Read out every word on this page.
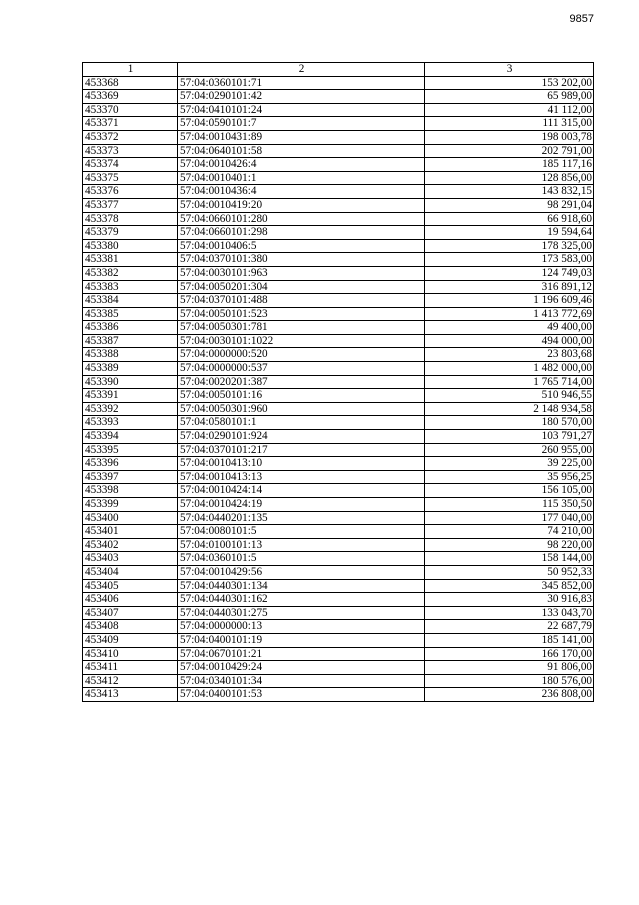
9857
1	2	3
453368	57:04:0360101:71	153 202,00
453369	57:04:0290101:42	65 989,00
453370	57:04:0410101:24	41 112,00
453371	57:04:0590101:7	111 315,00
453372	57:04:0010431:89	198 003,78
453373	57:04:0640101:58	202 791,00
453374	57:04:0010426:4	185 117,16
453375	57:04:0010401:1	128 856,00
453376	57:04:0010436:4	143 832,15
453377	57:04:0010419:20	98 291,04
453378	57:04:0660101:280	66 918,60
453379	57:04:0660101:298	19 594,64
453380	57:04:0010406:5	178 325,00
453381	57:04:0370101:380	173 583,00
453382	57:04:0030101:963	124 749,03
453383	57:04:0050201:304	316 891,12
453384	57:04:0370101:488	1 196 609,46
453385	57:04:0050101:523	1 413 772,69
453386	57:04:0050301:781	49 400,00
453387	57:04:0030101:1022	494 000,00
453388	57:04:0000000:520	23 803,68
453389	57:04:0000000:537	1 482 000,00
453390	57:04:0020201:387	1 765 714,00
453391	57:04:0050101:16	510 946,55
453392	57:04:0050301:960	2 148 934,58
453393	57:04:0580101:1	180 570,00
453394	57:04:0290101:924	103 791,27
453395	57:04:0370101:217	260 955,00
453396	57:04:0010413:10	39 225,00
453397	57:04:0010413:13	35 956,25
453398	57:04:0010424:14	156 105,00
453399	57:04:0010424:19	115 350,50
453400	57:04:0440201:135	177 040,00
453401	57:04:0080101:5	74 210,00
453402	57:04:0100101:13	98 220,00
453403	57:04:0360101:5	158 144,00
453404	57:04:0010429:56	50 952,33
453405	57:04:0440301:134	345 852,00
453406	57:04:0440301:162	30 916,83
453407	57:04:0440301:275	133 043,70
453408	57:04:0000000:13	22 687,79
453409	57:04:0400101:19	185 141,00
453410	57:04:0670101:21	166 170,00
453411	57:04:0010429:24	91 806,00
453412	57:04:0340101:34	180 576,00
453413	57:04:0400101:53	236 808,00
